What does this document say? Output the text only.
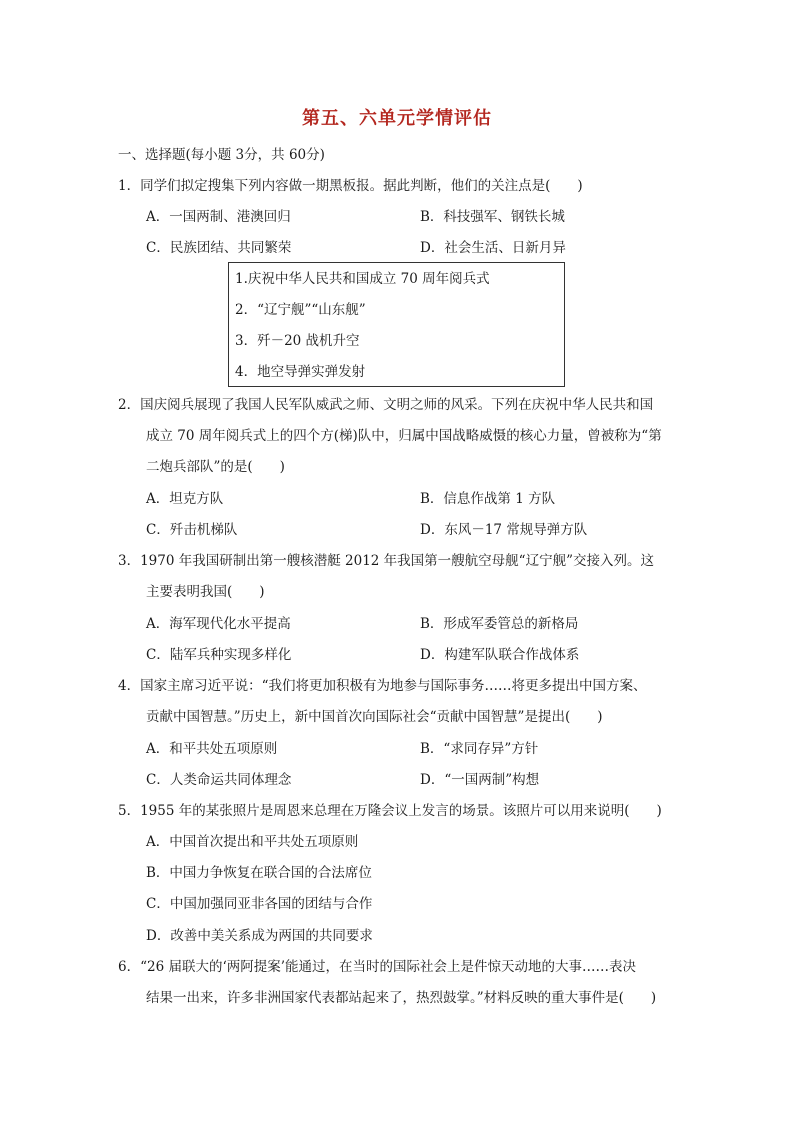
第五、六单元学情评估
一、选择题(每小题 3分，共 60分)
1．同学们拟定搜集下列内容做一期黑板报。据此判断，他们的关注点是(　　)
A．一国两制、港澳回归	B．科技强军、钢铁长城
C．民族团结、共同繁荣	D．社会生活、日新月异
1.庆祝中华人民共和国成立 70 周年阅兵式
2．“辽宁舰”“山东舰”
3．歼－20 战机升空
4．地空导弹实弹发射
2．国庆阅兵展现了我国人民军队威武之师、文明之师的风采。下列在庆祝中华人民共和国
成立 70 周年阅兵式上的四个方(梯)队中，归属中国战略威慑的核心力量，曾被称为“第
二炮兵部队”的是(　　)
A．坦克方队	B．信息作战第 1 方队
C．歼击机梯队	D．东风－17 常规导弹方队
3．1970 年我国研制出第一艘核潜艇 2012 年我国第一艘航空母舰“辽宁舰”交接入列。这
主要表明我国(　　)
A．海军现代化水平提高	B．形成军委管总的新格局
C．陆军兵种实现多样化	D．构建军队联合作战体系
4．国家主席习近平说：“我们将更加积极有为地参与国际事务……将更多提出中国方案、
贡献中国智慧。”历史上，新中国首次向国际社会“贡献中国智慧”是提出(　　)
A．和平共处五项原则	B．“求同存异”方针
C．人类命运共同体理念	D．“一国两制”构想
5．1955 年的某张照片是周恩来总理在万隆会议上发言的场景。该照片可以用来说明(　　)
A．中国首次提出和平共处五项原则
B．中国力争恢复在联合国的合法席位
C．中国加强同亚非各国的团结与合作
D．改善中美关系成为两国的共同要求
6．“26 届联大的‘两阿提案’能通过，在当时的国际社会上是件惊天动地的大事……表决
结果一出来，许多非洲国家代表都站起来了，热烈鼓掌。”材料反映的重大事件是(　　)
